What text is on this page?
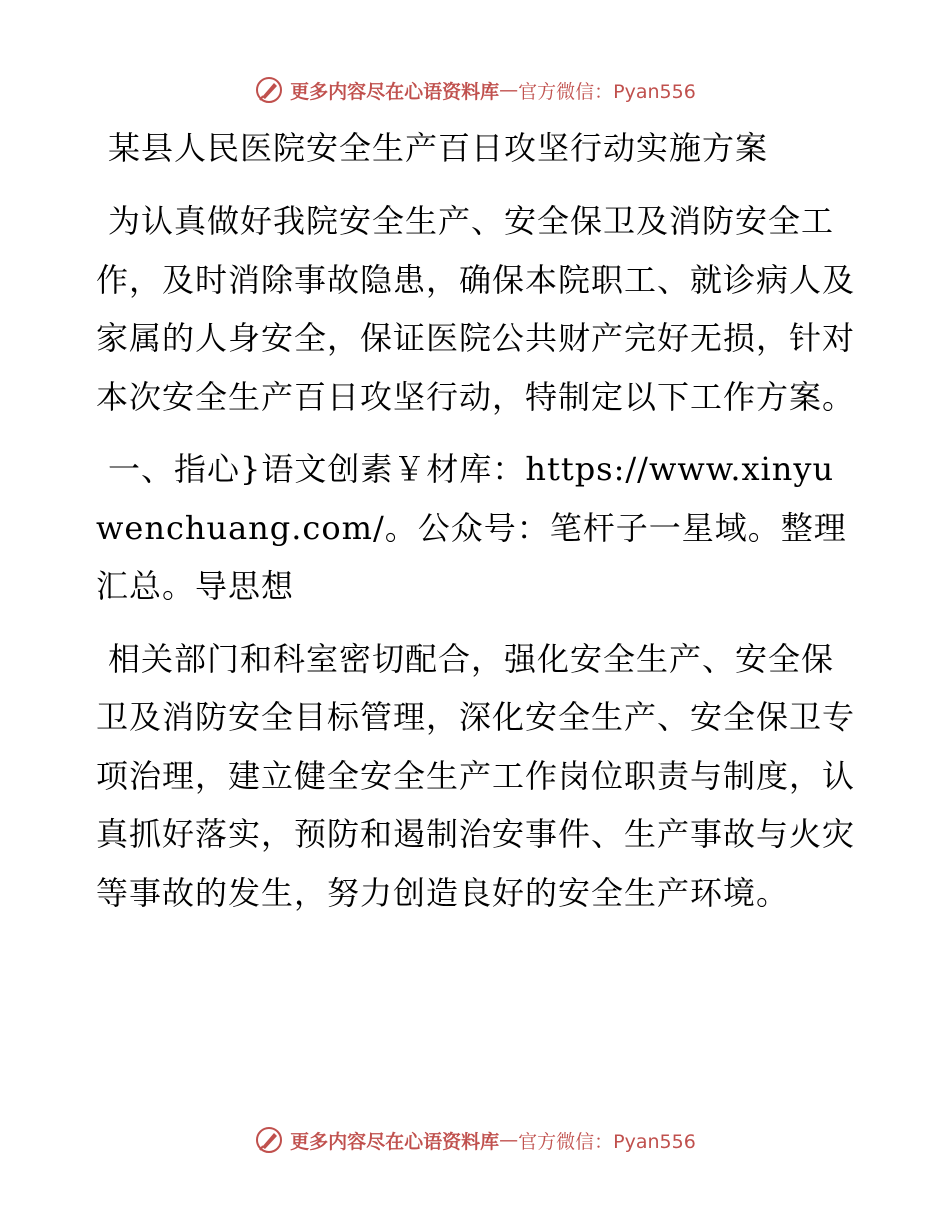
更多内容尽在心语资料库 — 官方微信：Pyan556
某县人民医院安全生产百日攻坚行动实施方案

为认真做好我院安全生产、安全保卫及消防安全工作，及时消除事故隐患，确保本院职工、就诊病人及家属的人身安全，保证医院公共财产完好无损，针对本次安全生产百日攻坚行动，特制定以下工作方案。

一、指心}语文创素￥材库：https://www.xinyuwenchuang.com/。公众号：笔杆子一星域。整理汇总。导思想

相关部门和科室密切配合，强化安全生产、安全保卫及消防安全目标管理，深化安全生产、安全保卫专项治理，建立健全安全生产工作岗位职责与制度，认真抓好落实，预防和遏制治安事件、生产事故与火灾等事故的发生，努力创造良好的安全生产环境。

更多内容尽在心语资料库 — 官方微信：Pyan556
